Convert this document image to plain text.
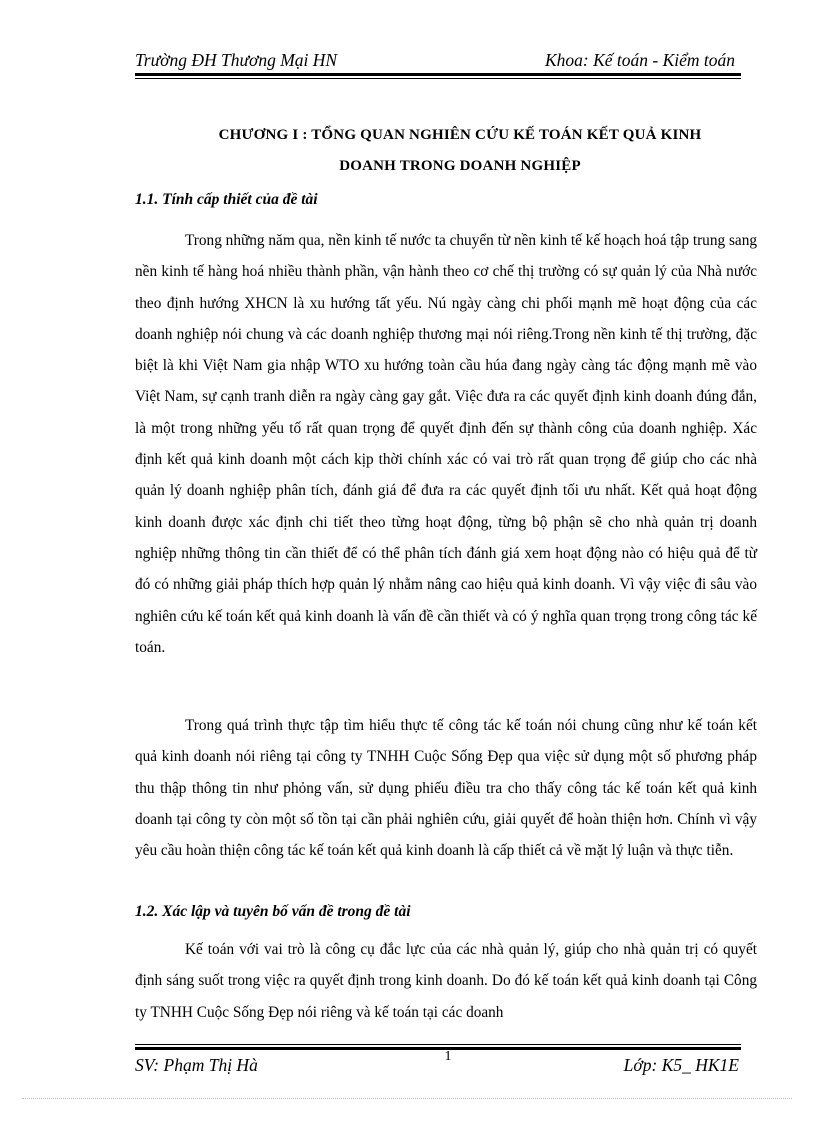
Trường ĐH Thương Mại HN	Khoa: Kế toán - Kiểm toán
CHƯƠNG I : TỔNG QUAN NGHIÊN CỨU KẾ TOÁN KẾT QUẢ KINH
DOANH TRONG DOANH NGHIỆP
1.1. Tính cấp thiết của đề tài

Trong những năm qua, nền kinh tế nước ta chuyển từ nền kinh tế kế hoạch hoá tập trung sang nền kinh tế hàng hoá nhiều thành phần, vận hành theo cơ chế thị trường có sự quản lý của Nhà nước theo định hướng XHCN là xu hướng tất yếu. Nú ngày càng chi phối mạnh mẽ hoạt động của các doanh nghiệp nói chung và các doanh nghiệp thương mại nói riêng.Trong nền kinh tế thị trường, đặc biệt là khi Việt Nam gia nhập WTO xu hướng toàn cầu húa đang ngày càng tác động mạnh mẽ vào Việt Nam, sự cạnh tranh diễn ra ngày càng gay gắt. Việc đưa ra các quyết định kinh doanh đúng đắn, là một trong những yếu tố rất quan trọng để quyết định đến sự thành công của doanh nghiệp. Xác định kết quả kinh doanh một cách kịp thời chính xác có vai trò rất quan trọng để giúp cho các nhà quản lý doanh nghiệp phân tích, đánh giá để đưa ra các quyết định tối ưu nhất. Kết quả hoạt động kinh doanh được xác định chi tiết theo từng hoạt động, từng bộ phận sẽ cho nhà quản trị doanh nghiệp những thông tin cần thiết để có thể phân tích đánh giá xem hoạt động nào có hiệu quả để từ đó có những giải pháp thích hợp quản lý nhằm nâng cao hiệu quả kinh doanh. Vì vậy việc đi sâu vào nghiên cứu kế toán kết quả kinh doanh là vấn đề cần thiết và có ý nghĩa quan trọng trong công tác kế toán.

Trong quá trình thực tập tìm hiểu thực tế công tác kế toán nói chung cũng như kế toán kết quả kinh doanh nói riêng tại công ty TNHH Cuộc Sống Đẹp qua việc sử dụng một số phương pháp thu thập thông tin như phỏng vấn, sử dụng phiếu điều tra cho thấy công tác kế toán kết quả kinh doanh tại công ty còn một số tồn tại cần phải nghiên cứu, giải quyết để hoàn thiện hơn. Chính vì vậy yêu cầu hoàn thiện công tác kế toán kết quả kinh doanh là cấp thiết cả về mặt lý luận và thực tiễn.

1.2. Xác lập và tuyên bố vấn đề trong đề tài

Kế toán với vai trò là công cụ đắc lực của các nhà quản lý, giúp cho nhà quản trị có quyết định sáng suốt trong việc ra quyết định trong kinh doanh. Do đó kế toán kết quả kinh doanh tại Công ty TNHH Cuộc Sống Đẹp nói riêng và kế toán tại các doanh

1
SV: Phạm Thị Hà	Lớp: K5_ HK1E
